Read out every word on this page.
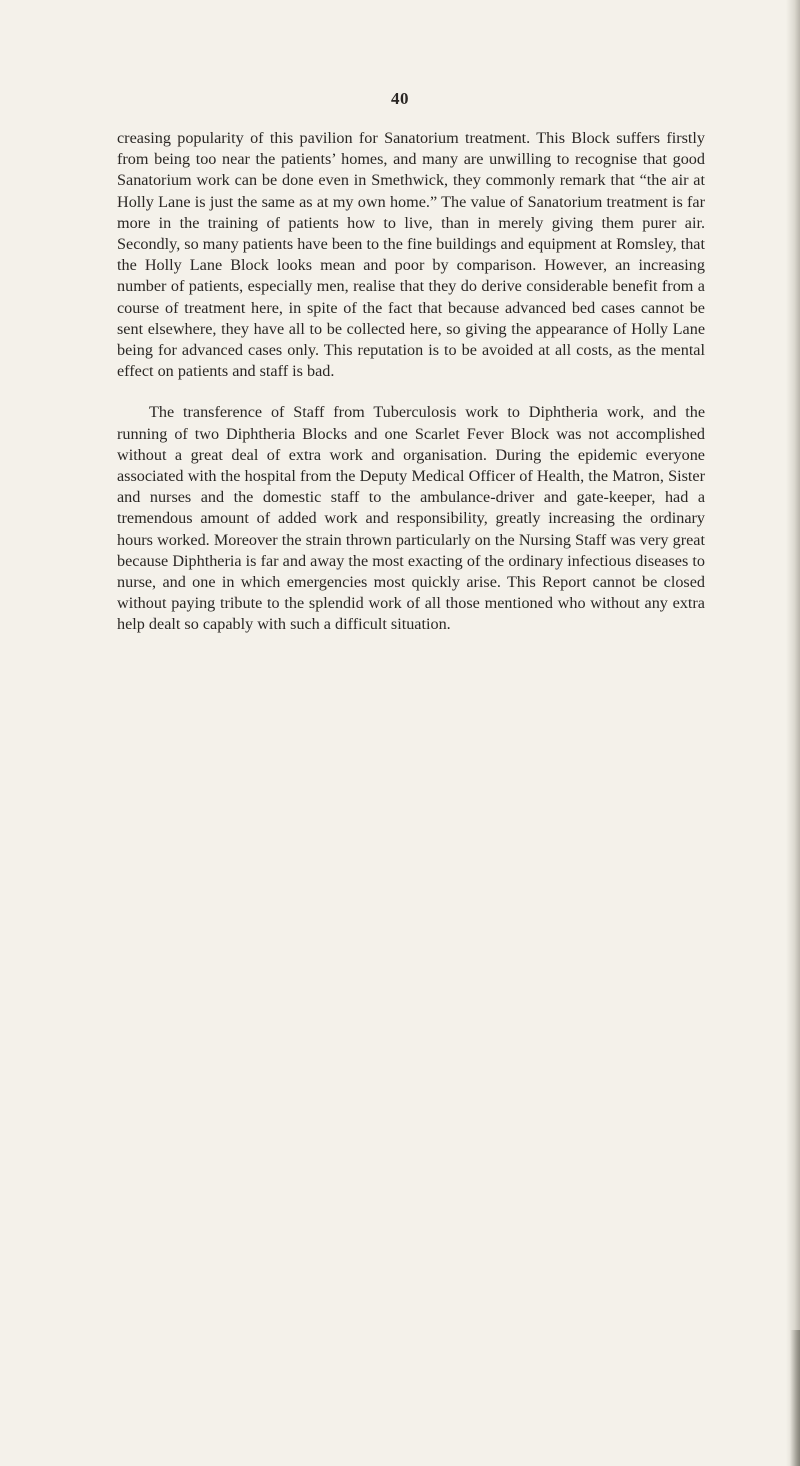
40

creasing popularity of this pavilion for Sanatorium treatment. This Block suffers firstly from being too near the patients’ homes, and many are unwilling to recognise that good Sanatorium work can be done even in Smethwick, they commonly remark that “the air at Holly Lane is just the same as at my own home.” The value of Sanatorium treatment is far more in the training of patients how to live, than in merely giving them purer air. Secondly, so many patients have been to the fine buildings and equipment at Romsley, that the Holly Lane Block looks mean and poor by comparison. However, an increasing number of patients, especially men, realise that they do derive considerable benefit from a course of treatment here, in spite of the fact that because advanced bed cases cannot be sent elsewhere, they have all to be collected here, so giving the appearance of Holly Lane being for advanced cases only. This reputation is to be avoided at all costs, as the mental effect on patients and staff is bad.

The transference of Staff from Tuberculosis work to Diphtheria work, and the running of two Diphtheria Blocks and one Scarlet Fever Block was not accomplished without a great deal of extra work and organisation. During the epidemic everyone associated with the hospital from the Deputy Medical Officer of Health, the Matron, Sister and nurses and the domestic staff to the ambulance-driver and gate-keeper, had a tremendous amount of added work and responsibility, greatly increasing the ordinary hours worked. Moreover the strain thrown particularly on the Nursing Staff was very great because Diphtheria is far and away the most exacting of the ordinary infectious diseases to nurse, and one in which emergencies most quickly arise. This Report cannot be closed without paying tribute to the splendid work of all those mentioned who without any extra help dealt so capably with such a difficult situation.
